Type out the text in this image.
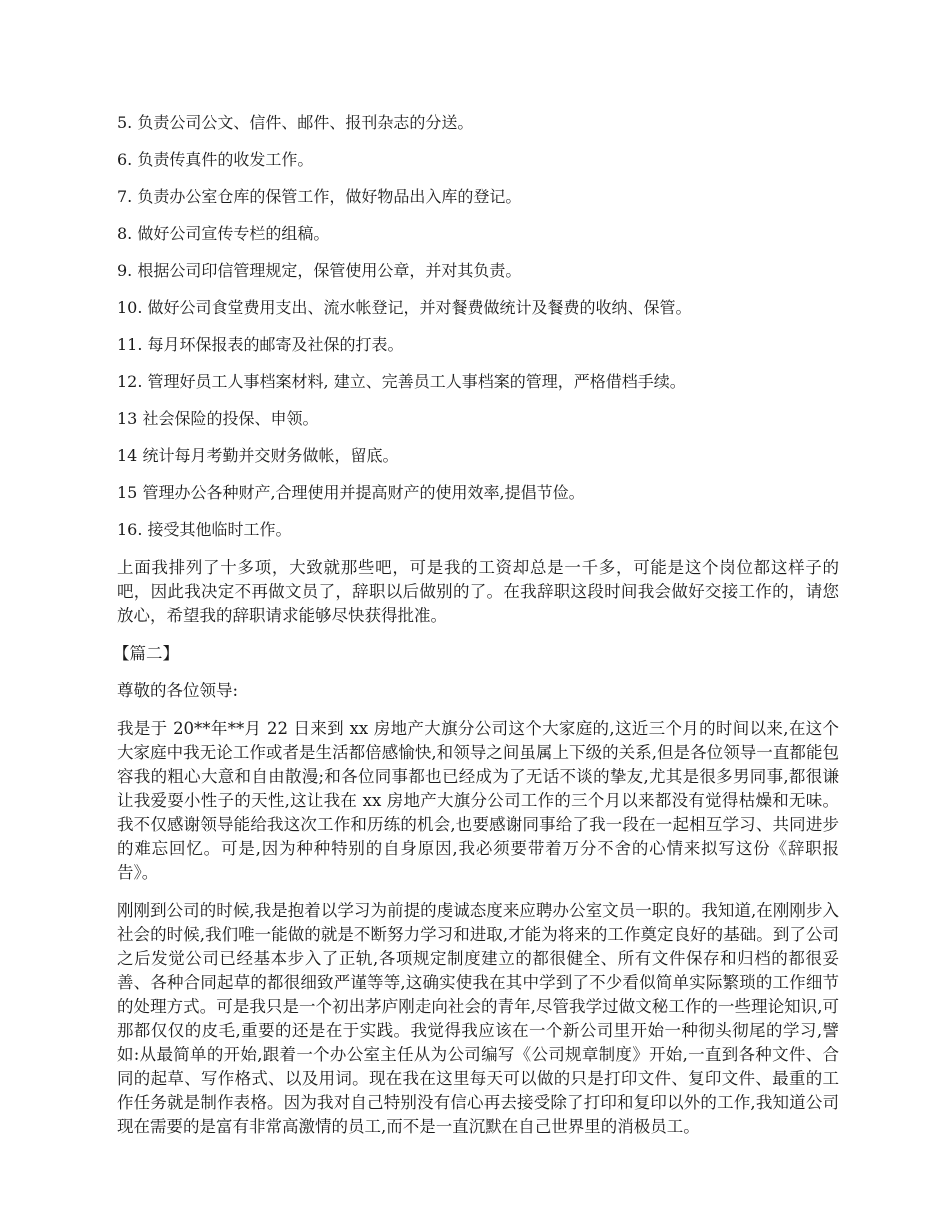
5. 负责公司公文、信件、邮件、报刊杂志的分送。

6. 负责传真件的收发工作。

7. 负责办公室仓库的保管工作，做好物品出入库的登记。

8. 做好公司宣传专栏的组稿。

9. 根据公司印信管理规定，保管使用公章，并对其负责。

10. 做好公司食堂费用支出、流水帐登记，并对餐费做统计及餐费的收纳、保管。

11. 每月环保报表的邮寄及社保的打表。

12. 管理好员工人事档案材料, 建立、完善员工人事档案的管理，严格借档手续。

13 社会保险的投保、申领。

14 统计每月考勤并交财务做帐，留底。

15 管理办公各种财产,合理使用并提高财产的使用效率,提倡节俭。

16. 接受其他临时工作。

上面我排列了十多项，大致就那些吧，可是我的工资却总是一千多，可能是这个岗位都这样子的吧，因此我决定不再做文员了，辞职以后做别的了。在我辞职这段时间我会做好交接工作的，请您放心，希望我的辞职请求能够尽快获得批准。

【篇二】

尊敬的各位领导:

我是于 20**年**月 22 日来到 xx 房地产大旗分公司这个大家庭的,这近三个月的时间以来,在这个大家庭中我无论工作或者是生活都倍感愉快,和领导之间虽属上下级的关系,但是各位领导一直都能包容我的粗心大意和自由散漫;和各位同事都也已经成为了无话不谈的挚友,尤其是很多男同事,都很谦让我爱耍小性子的天性,这让我在 xx 房地产大旗分公司工作的三个月以来都没有觉得枯燥和无味。我不仅感谢领导能给我这次工作和历练的机会,也要感谢同事给了我一段在一起相互学习、共同进步的难忘回忆。可是,因为种种特别的自身原因,我必须要带着万分不舍的心情来拟写这份《辞职报告》。

刚刚到公司的时候,我是抱着以学习为前提的虔诚态度来应聘办公室文员一职的。我知道,在刚刚步入社会的时候,我们唯一能做的就是不断努力学习和进取,才能为将来的工作奠定良好的基础。到了公司之后发觉公司已经基本步入了正轨,各项规定制度建立的都很健全、所有文件保存和归档的都很妥善、各种合同起草的都很细致严谨等等,这确实使我在其中学到了不少看似简单实际繁琐的工作细节的处理方式。可是我只是一个初出茅庐刚走向社会的青年,尽管我学过做文秘工作的一些理论知识,可那都仅仅的皮毛,重要的还是在于实践。我觉得我应该在一个新公司里开始一种彻头彻尾的学习,譬如:从最简单的开始,跟着一个办公室主任从为公司编写《公司规章制度》开始,一直到各种文件、合同的起草、写作格式、以及用词。现在我在这里每天可以做的只是打印文件、复印文件、最重的工作任务就是制作表格。因为我对自己特别没有信心再去接受除了打印和复印以外的工作,我知道公司现在需要的是富有非常高激情的员工,而不是一直沉默在自己世界里的消极员工。
